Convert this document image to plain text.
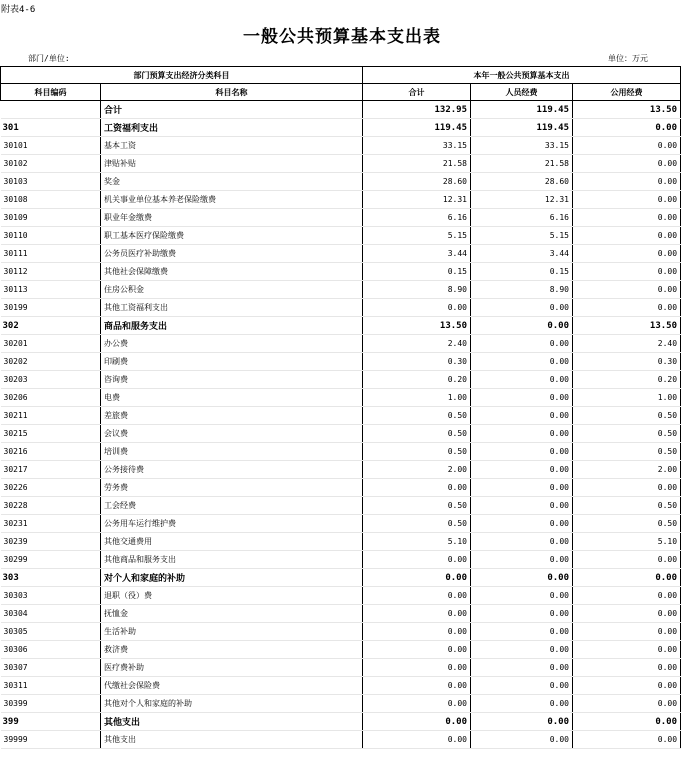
附表4-6
一般公共预算基本支出表
部门/单位:	单位：万元
部门预算支出经济分类科目		本年一般公共预算基本支出		
科目编码	科目名称	合计	人员经费	公用经费
	合计	132.95	119.45	13.50
301	工资福利支出	119.45	119.45	0.00
30101	基本工资	33.15	33.15	0.00
30102	津贴补贴	21.58	21.58	0.00
30103	奖金	28.60	28.60	0.00
30108	机关事业单位基本养老保险缴费	12.31	12.31	0.00
30109	职业年金缴费	6.16	6.16	0.00
30110	职工基本医疗保险缴费	5.15	5.15	0.00
30111	公务员医疗补助缴费	3.44	3.44	0.00
30112	其他社会保障缴费	0.15	0.15	0.00
30113	住房公积金	8.90	8.90	0.00
30199	其他工资福利支出	0.00	0.00	0.00
302	商品和服务支出	13.50	0.00	13.50
30201	办公费	2.40	0.00	2.40
30202	印刷费	0.30	0.00	0.30
30203	咨询费	0.20	0.00	0.20
30206	电费	1.00	0.00	1.00
30211	差旅费	0.50	0.00	0.50
30215	会议费	0.50	0.00	0.50
30216	培训费	0.50	0.00	0.50
30217	公务接待费	2.00	0.00	2.00
30226	劳务费	0.00	0.00	0.00
30228	工会经费	0.50	0.00	0.50
30231	公务用车运行维护费	0.50	0.00	0.50
30239	其他交通费用	5.10	0.00	5.10
30299	其他商品和服务支出	0.00	0.00	0.00
303	对个人和家庭的补助	0.00	0.00	0.00
30303	退职（役）费	0.00	0.00	0.00
30304	抚恤金	0.00	0.00	0.00
30305	生活补助	0.00	0.00	0.00
30306	救济费	0.00	0.00	0.00
30307	医疗费补助	0.00	0.00	0.00
30311	代缴社会保险费	0.00	0.00	0.00
30399	其他对个人和家庭的补助	0.00	0.00	0.00
399	其他支出	0.00	0.00	0.00
39999	其他支出	0.00	0.00	0.00
